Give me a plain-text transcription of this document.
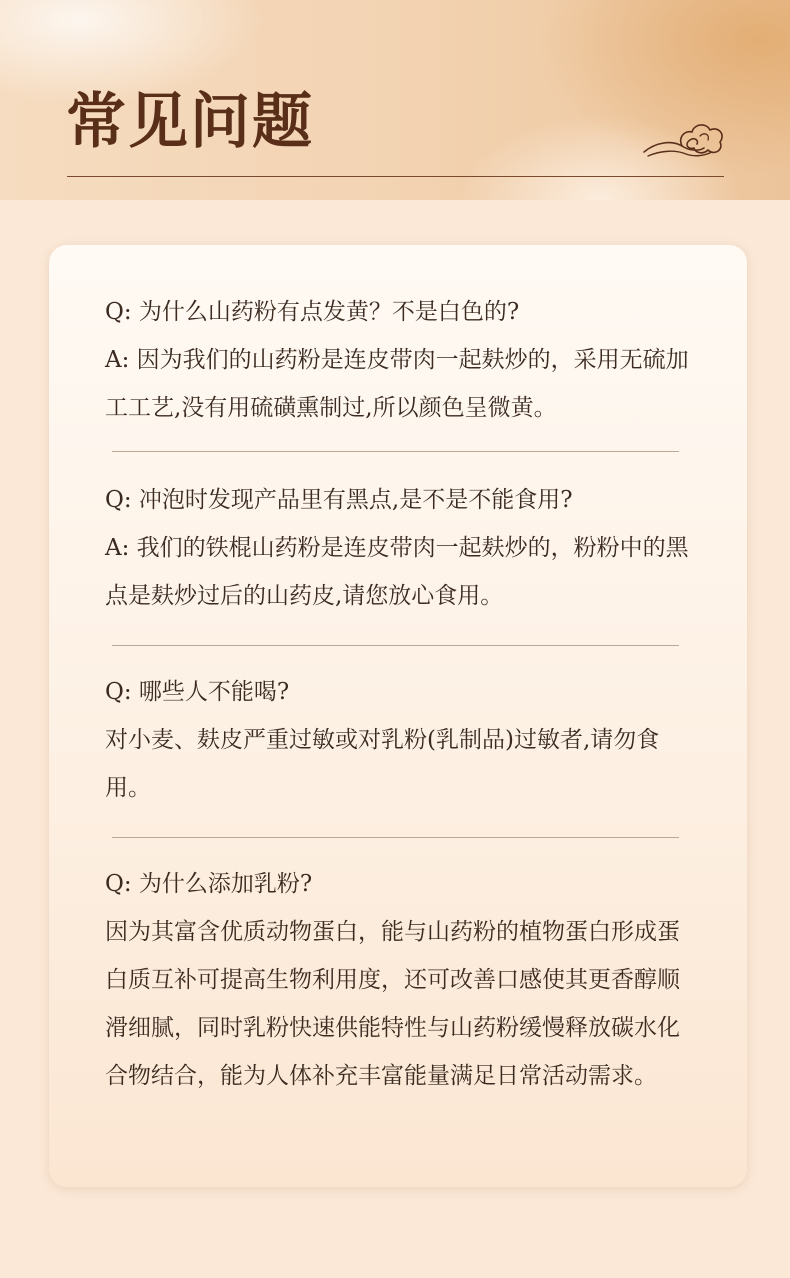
常见问题

Q: 为什么山药粉有点发黄？不是白色的?

A: 因为我们的山药粉是连皮带肉一起麸炒的，采用无硫加工工艺,没有用硫磺熏制过,所以颜色呈微黄。

Q: 冲泡时发现产品里有黑点,是不是不能食用?

A: 我们的铁棍山药粉是连皮带肉一起麸炒的，粉粉中的黑点是麸炒过后的山药皮,请您放心食用。

Q: 哪些人不能喝?

对小麦、麸皮严重过敏或对乳粉(乳制品)过敏者,请勿食用。

Q: 为什么添加乳粉?

因为其富含优质动物蛋白，能与山药粉的植物蛋白形成蛋白质互补可提高生物利用度，还可改善口感使其更香醇顺滑细腻，同时乳粉快速供能特性与山药粉缓慢释放碳水化合物结合，能为人体补充丰富能量满足日常活动需求。
